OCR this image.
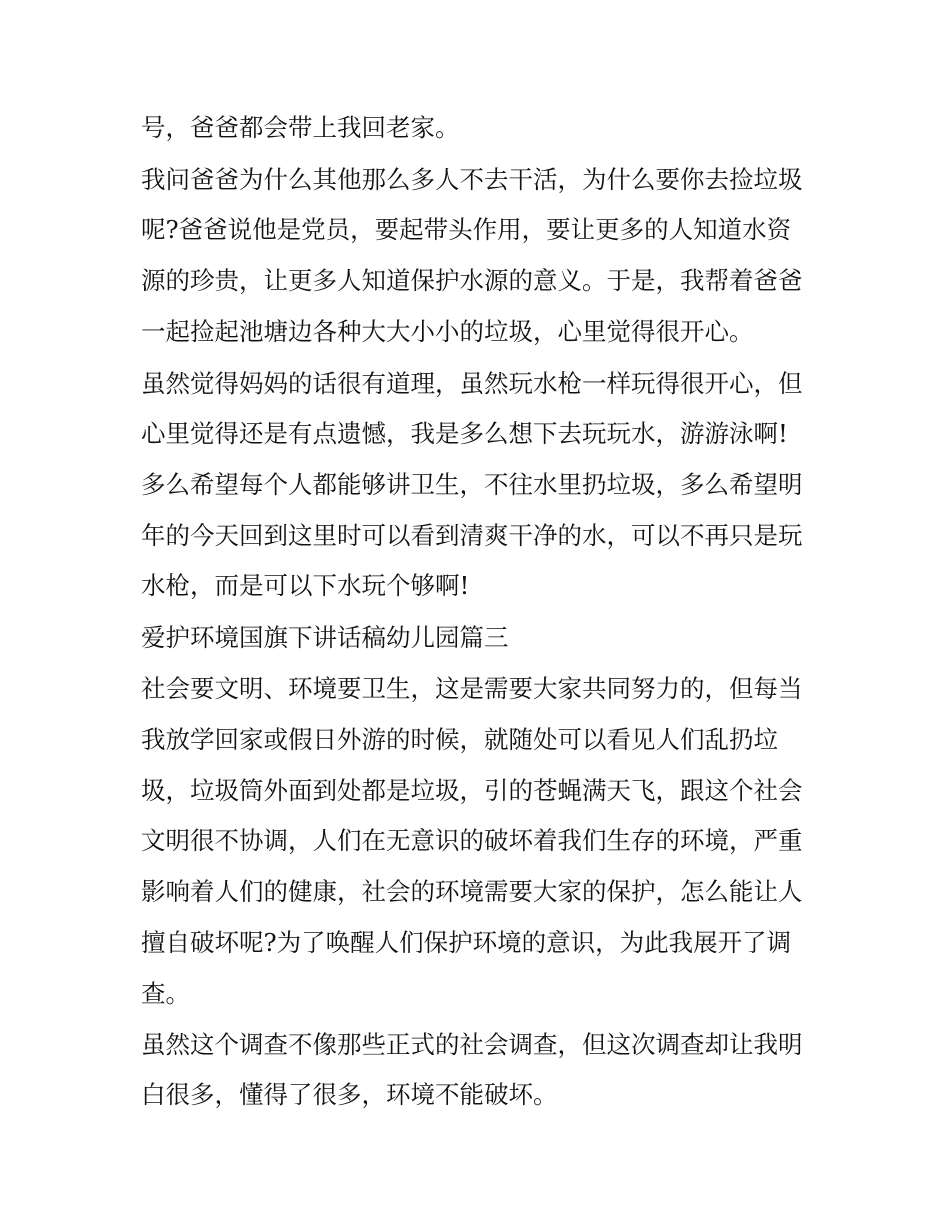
号，爸爸都会带上我回老家。
我问爸爸为什么其他那么多人不去干活，为什么要你去捡垃圾
呢?爸爸说他是党员，要起带头作用，要让更多的人知道水资
源的珍贵，让更多人知道保护水源的意义。于是，我帮着爸爸
一起捡起池塘边各种大大小小的垃圾，心里觉得很开心。
虽然觉得妈妈的话很有道理，虽然玩水枪一样玩得很开心，但
心里觉得还是有点遗憾，我是多么想下去玩玩水，游游泳啊!
多么希望每个人都能够讲卫生，不往水里扔垃圾，多么希望明
年的今天回到这里时可以看到清爽干净的水，可以不再只是玩
水枪，而是可以下水玩个够啊!
爱护环境国旗下讲话稿幼儿园篇三
社会要文明、环境要卫生，这是需要大家共同努力的，但每当
我放学回家或假日外游的时候，就随处可以看见人们乱扔垃
圾，垃圾筒外面到处都是垃圾，引的苍蝇满天飞，跟这个社会
文明很不协调，人们在无意识的破坏着我们生存的环境，严重
影响着人们的健康，社会的环境需要大家的保护，怎么能让人
擅自破坏呢?为了唤醒人们保护环境的意识，为此我展开了调
查。
虽然这个调查不像那些正式的社会调查，但这次调查却让我明
白很多，懂得了很多，环境不能破坏。
